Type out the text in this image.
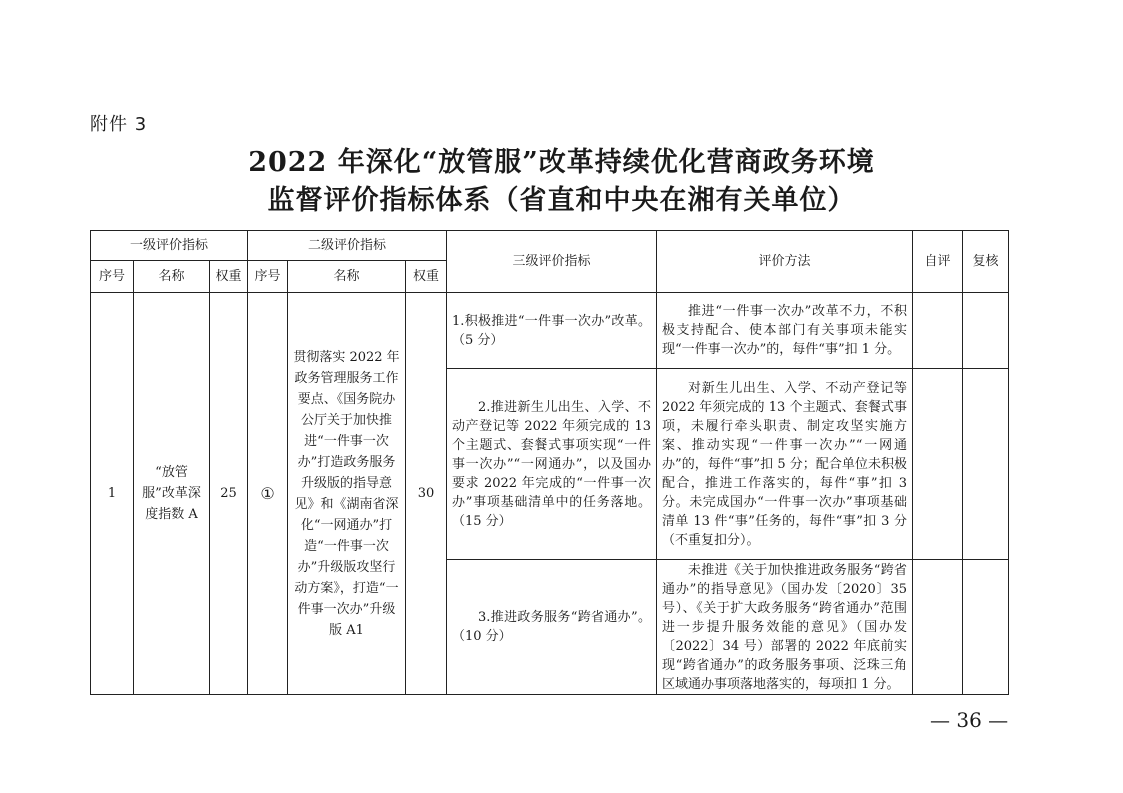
附件 3
2022 年深化“放管服”改革持续优化营商政务环境
监督评价指标体系（省直和中央在湘有关单位）
一级评价指标			二级评价指标			三级评价指标	评价方法	自评	复核
序号	名称	权重	序号	名称	权重				
1	“放管服”改革深度指数 A	25	①	贯彻落实 2022 年政务管理服务工作要点、《国务院办公厅关于加快推进“一件事一次办”打造政务服务升级版的指导意见》和《湖南省深化“一网通办”打造“一件事一次办”升级版攻坚行动方案》，打造“一件事一次办”升级版 A1	30	1.积极推进“一件事一次办”改革。（5 分）	推进“一件事一次办”改革不力，不积极支持配合、使本部门有关事项未能实现“一件事一次办”的，每件“事”扣 1 分。		
						2.推进新生儿出生、入学、不动产登记等 2022 年须完成的 13 个主题式、套餐式事项实现“一件事一次办”“一网通办”，以及国办要求 2022 年完成的“一件事一次办”事项基础清单中的任务落地。（15 分）	对新生儿出生、入学、不动产登记等 2022 年须完成的 13 个主题式、套餐式事项，未履行牵头职责、制定攻坚实施方案、推动实现“一件事一次办”“一网通办”的，每件“事”扣 5 分；配合单位未积极配合，推进工作落实的，每件“事”扣 3 分。未完成国办“一件事一次办”事项基础清单 13 件“事”任务的，每件“事”扣 3 分（不重复扣分）。		
						3.推进政务服务“跨省通办”。（10 分）	未推进《关于加快推进政务服务“跨省通办”的指导意见》（国办发〔2020〕35 号）、《关于扩大政务服务“跨省通办”范围进一步提升服务效能的意见》（国办发〔2022〕34 号）部署的 2022 年底前实现“跨省通办”的政务服务事项、泛珠三角区域通办事项落地落实的，每项扣 1 分。		
— 36 —
